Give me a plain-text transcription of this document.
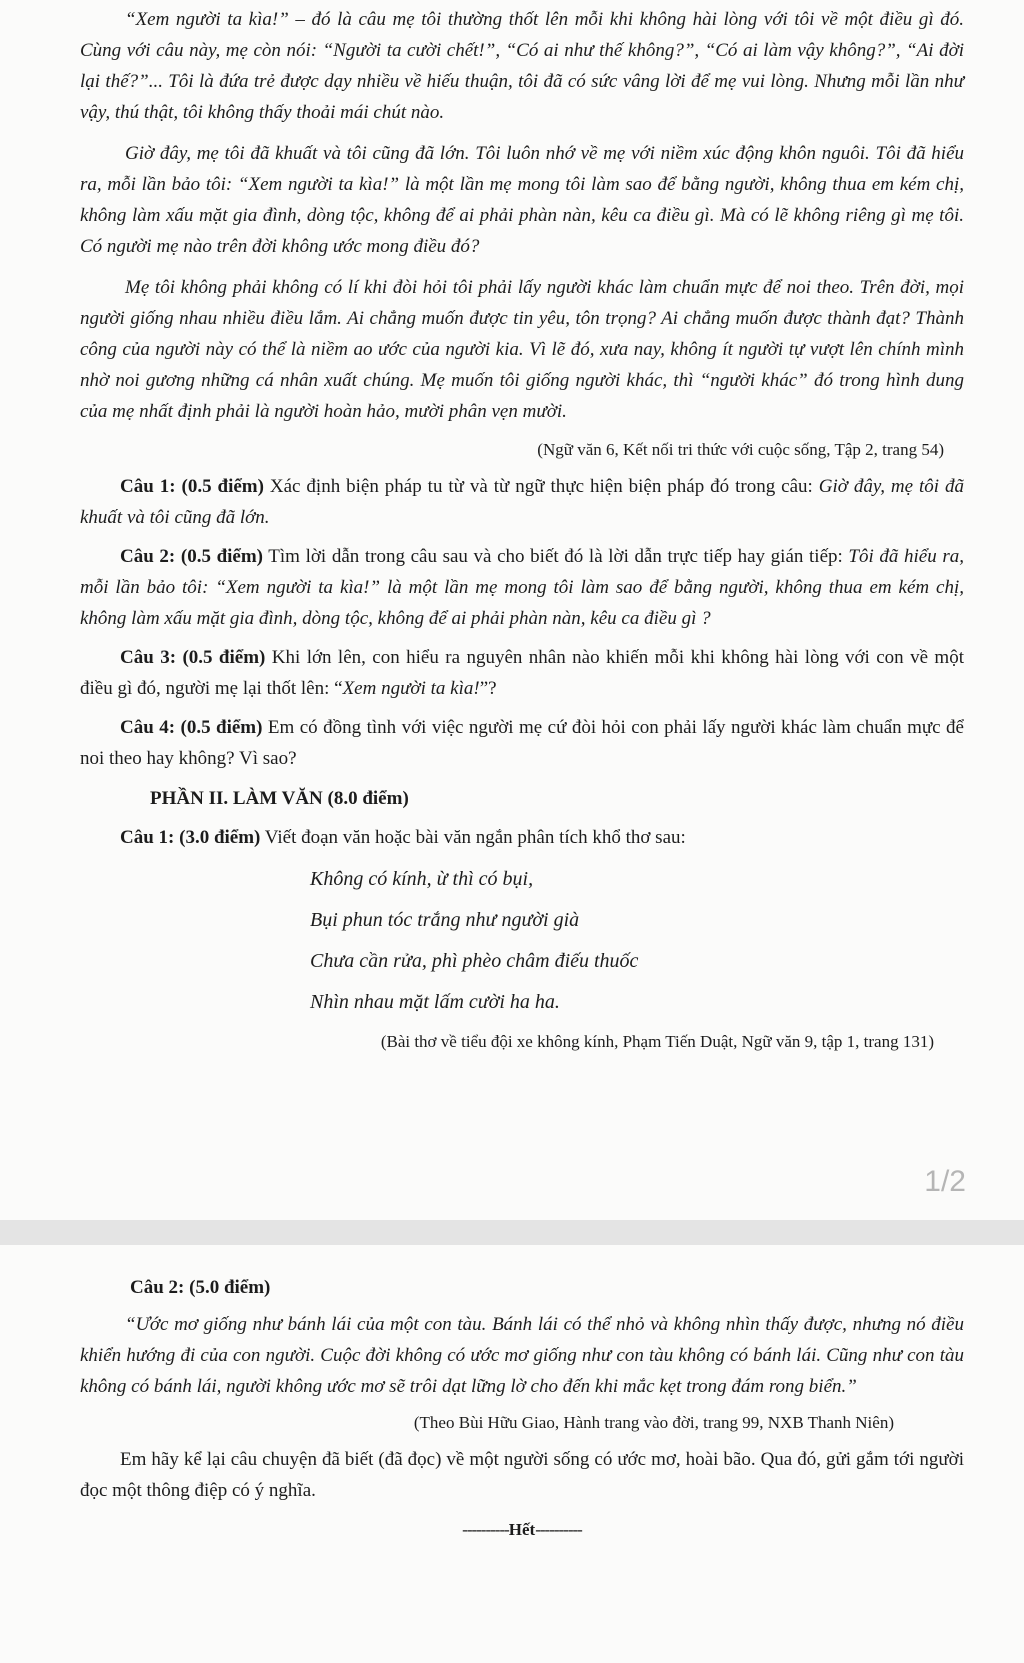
“Xem người ta kìa!” – đó là câu mẹ tôi thường thốt lên mỗi khi không hài lòng với tôi về một điều gì đó. Cùng với câu này, mẹ còn nói: “Người ta cười chết!”, “Có ai như thế không?”, “Có ai làm vậy không?”, “Ai đời lại thế?”... Tôi là đứa trẻ được dạy nhiều về hiếu thuận, tôi đã có sức vâng lời để mẹ vui lòng. Nhưng mỗi lần như vậy, thú thật, tôi không thấy thoải mái chút nào.

Giờ đây, mẹ tôi đã khuất và tôi cũng đã lớn. Tôi luôn nhớ về mẹ với niềm xúc động khôn nguôi. Tôi đã hiểu ra, mỗi lần bảo tôi: “Xem người ta kìa!” là một lần mẹ mong tôi làm sao để bằng người, không thua em kém chị, không làm xấu mặt gia đình, dòng tộc, không để ai phải phàn nàn, kêu ca điều gì. Mà có lẽ không riêng gì mẹ tôi. Có người mẹ nào trên đời không ước mong điều đó?

Mẹ tôi không phải không có lí khi đòi hỏi tôi phải lấy người khác làm chuẩn mực để noi theo. Trên đời, mọi người giống nhau nhiều điều lắm. Ai chẳng muốn được tin yêu, tôn trọng? Ai chẳng muốn được thành đạt? Thành công của người này có thể là niềm ao ước của người kia. Vì lẽ đó, xưa nay, không ít người tự vượt lên chính mình nhờ noi gương những cá nhân xuất chúng. Mẹ muốn tôi giống người khác, thì “người khác” đó trong hình dung của mẹ nhất định phải là người hoàn hảo, mười phân vẹn mười.

(Ngữ văn 6, Kết nối tri thức với cuộc sống, Tập 2, trang 54)

Câu 1: (0.5 điểm) Xác định biện pháp tu từ và từ ngữ thực hiện biện pháp đó trong câu: Giờ đây, mẹ tôi đã khuất và tôi cũng đã lớn.

Câu 2: (0.5 điểm) Tìm lời dẫn trong câu sau và cho biết đó là lời dẫn trực tiếp hay gián tiếp: Tôi đã hiểu ra, mỗi lần bảo tôi: “Xem người ta kìa!” là một lần mẹ mong tôi làm sao để bằng người, không thua em kém chị, không làm xấu mặt gia đình, dòng tộc, không để ai phải phàn nàn, kêu ca điều gì ?

Câu 3: (0.5 điểm) Khi lớn lên, con hiểu ra nguyên nhân nào khiến mỗi khi không hài lòng với con về một điều gì đó, người mẹ lại thốt lên: “Xem người ta kìa!”?

Câu 4: (0.5 điểm) Em có đồng tình với việc người mẹ cứ đòi hỏi con phải lấy người khác làm chuẩn mực để noi theo hay không? Vì sao?

PHẦN II. LÀM VĂN (8.0 điểm)

Câu 1: (3.0 điểm) Viết đoạn văn hoặc bài văn ngắn phân tích khổ thơ sau:

Không có kính, ừ thì có bụi,
Bụi phun tóc trắng như người già
Chưa cần rửa, phì phèo châm điếu thuốc
Nhìn nhau mặt lấm cười ha ha.

(Bài thơ về tiểu đội xe không kính, Phạm Tiến Duật, Ngữ văn 9, tập 1, trang 131)

1/2

Câu 2: (5.0 điểm)

“Ước mơ giống như bánh lái của một con tàu. Bánh lái có thể nhỏ và không nhìn thấy được, nhưng nó điều khiển hướng đi của con người. Cuộc đời không có ước mơ giống như con tàu không có bánh lái. Cũng như con tàu không có bánh lái, người không ước mơ sẽ trôi dạt lững lờ cho đến khi mắc kẹt trong đám rong biển.”

(Theo Bùi Hữu Giao, Hành trang vào đời, trang 99, NXB Thanh Niên)

Em hãy kể lại câu chuyện đã biết (đã đọc) về một người sống có ước mơ, hoài bão. Qua đó, gửi gắm tới người đọc một thông điệp có ý nghĩa.

----------Hết----------
